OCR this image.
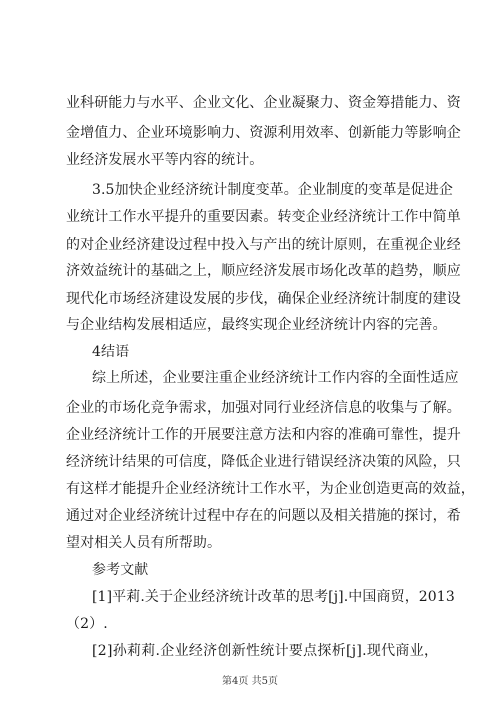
业科研能力与水平、企业文化、企业凝聚力、资金筹措能力、资
金增值力、企业环境影响力、资源利用效率、创新能力等影响企
业经济发展水平等内容的统计。
3.5加快企业经济统计制度变革。企业制度的变革是促进企
业统计工作水平提升的重要因素。转变企业经济统计工作中简单
的对企业经济建设过程中投入与产出的统计原则，在重视企业经
济效益统计的基础之上，顺应经济发展市场化改革的趋势，顺应
现代化市场经济建设发展的步伐，确保企业经济统计制度的建设
与企业结构发展相适应，最终实现企业经济统计内容的完善。
4结语
综上所述，企业要注重企业经济统计工作内容的全面性适应
企业的市场化竞争需求，加强对同行业经济信息的收集与了解。
企业经济统计工作的开展要注意方法和内容的准确可靠性，提升
经济统计结果的可信度，降低企业进行错误经济决策的风险，只
有这样才能提升企业经济统计工作水平，为企业创造更高的效益，
通过对企业经济统计过程中存在的问题以及相关措施的探讨，希
望对相关人员有所帮助。
参考文献
[1]平莉.关于企业经济统计改革的思考[j].中国商贸，2013
（2）.
[2]孙莉莉.企业经济创新性统计要点探析[j].现代商业，
第4页 共5页
